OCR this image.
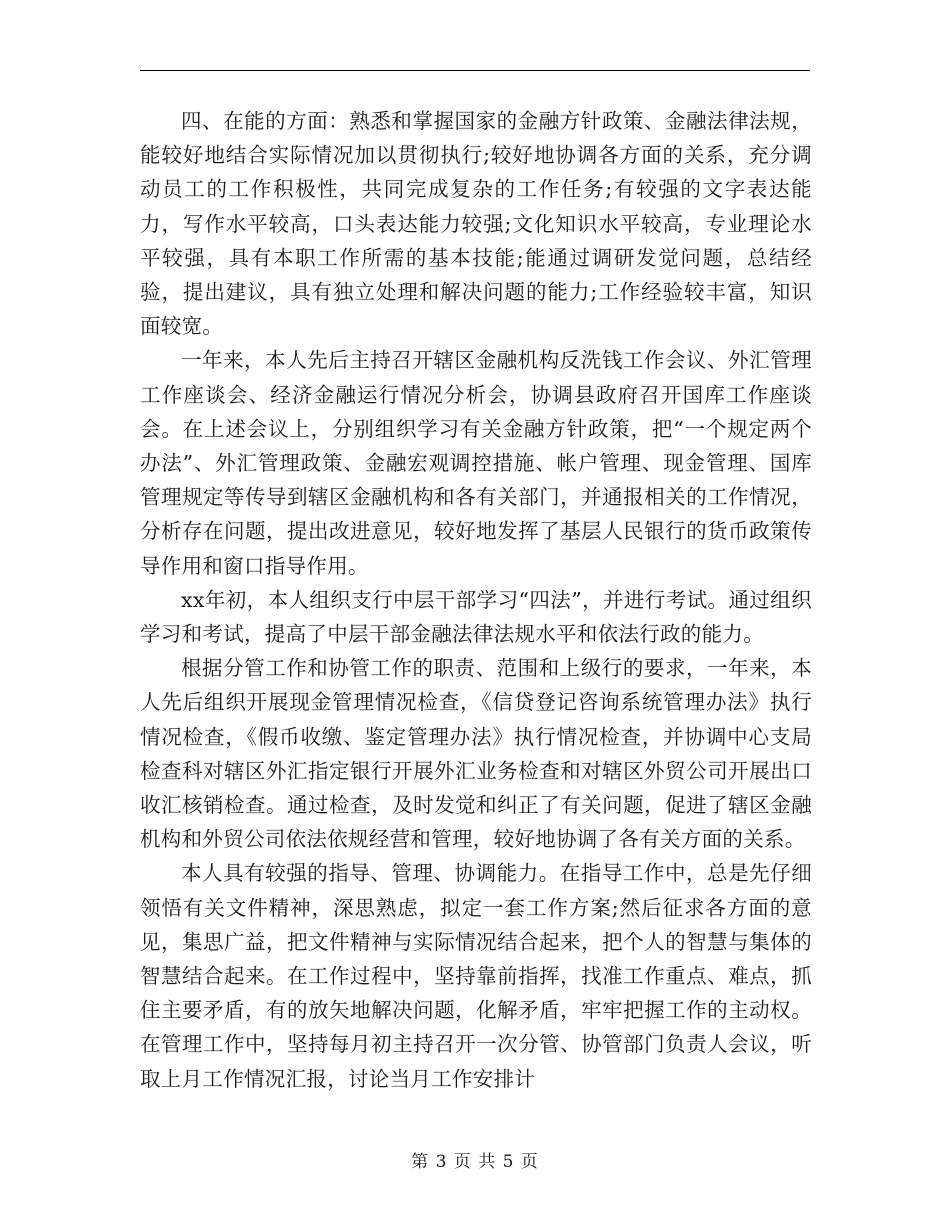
四、在能的方面：熟悉和掌握国家的金融方针政策、金融法律法规，能较好地结合实际情况加以贯彻执行;较好地协调各方面的关系，充分调动员工的工作积极性，共同完成复杂的工作任务;有较强的文字表达能力，写作水平较高，口头表达能力较强;文化知识水平较高，专业理论水平较强，具有本职工作所需的基本技能;能通过调研发觉问题，总结经验，提出建议，具有独立处理和解决问题的能力;工作经验较丰富，知识面较宽。

一年来，本人先后主持召开辖区金融机构反洗钱工作会议、外汇管理工作座谈会、经济金融运行情况分析会，协调县政府召开国库工作座谈会。在上述会议上，分别组织学习有关金融方针政策，把“一个规定两个办法”、外汇管理政策、金融宏观调控措施、帐户管理、现金管理、国库管理规定等传导到辖区金融机构和各有关部门，并通报相关的工作情况，分析存在问题，提出改进意见，较好地发挥了基层人民银行的货币政策传导作用和窗口指导作用。

xx年初，本人组织支行中层干部学习“四法”，并进行考试。通过组织学习和考试，提高了中层干部金融法律法规水平和依法行政的能力。

根据分管工作和协管工作的职责、范围和上级行的要求，一年来，本人先后组织开展现金管理情况检查，《信贷登记咨询系统管理办法》执行情况检查，《假币收缴、鉴定管理办法》执行情况检查，并协调中心支局检查科对辖区外汇指定银行开展外汇业务检查和对辖区外贸公司开展出口收汇核销检查。通过检查，及时发觉和纠正了有关问题，促进了辖区金融机构和外贸公司依法依规经营和管理，较好地协调了各有关方面的关系。

本人具有较强的指导、管理、协调能力。在指导工作中，总是先仔细领悟有关文件精神，深思熟虑，拟定一套工作方案;然后征求各方面的意见，集思广益，把文件精神与实际情况结合起来，把个人的智慧与集体的智慧结合起来。在工作过程中，坚持靠前指挥，找准工作重点、难点，抓住主要矛盾，有的放矢地解决问题，化解矛盾，牢牢把握工作的主动权。在管理工作中，坚持每月初主持召开一次分管、协管部门负责人会议，听取上月工作情况汇报，讨论当月工作安排计

第 3 页 共 5 页
